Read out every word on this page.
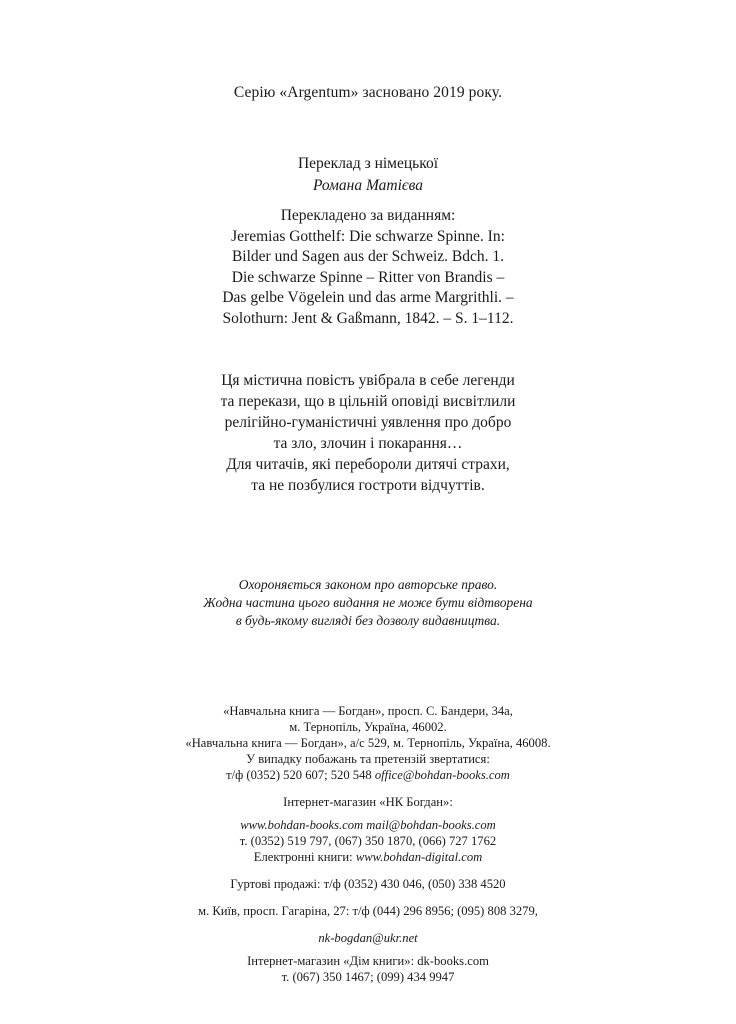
Серію «Argentum» засновано 2019 року.
Переклад з німецької
Романа Матієва
Перекладено за виданням:
Jeremias Gotthelf: Die schwarze Spinne. In:
Bilder und Sagen aus der Schweiz. Bdch. 1.
Die schwarze Spinne – Ritter von Brandis –
Das gelbe Vögelein und das arme Margrithli. –
Solothurn: Jent & Gaßmann, 1842. – S. 1–112.
Ця містична повість увібрала в себе легенди
та перекази, що в цільній оповіді висвітлили
релігійно-гуманістичні уявлення про добро
та зло, злочин і покарання…
Для читачів, які перебороли дитячі страхи,
та не позбулися гостроти відчуттів.
Охороняється законом про авторське право.
Жодна частина цього видання не може бути відтворена
в будь-якому вигляді без дозволу видавництва.
«Навчальна книга — Богдан», просп. С. Бандери, 34а,
м. Тернопіль, Україна, 46002.
«Навчальна книга — Богдан», а/с 529, м. Тернопіль, Україна, 46008.
У випадку побажань та претензій звертатися:
т/ф (0352) 520 607; 520 548 office@bohdan-books.com
Інтернет-магазин «НК Богдан»:
www.bohdan-books.com mail@bohdan-books.com
т. (0352) 519 797, (067) 350 1870, (066) 727 1762
Електронні книги: www.bohdan-digital.com
Гуртові продажі: т/ф (0352) 430 046, (050) 338 4520
м. Київ, просп. Гагаріна, 27: т/ф (044) 296 8956; (095) 808 3279,
nk-bogdan@ukr.net
Інтернет-магазин «Дім книги»: dk-books.com
т. (067) 350 1467; (099) 434 9947
